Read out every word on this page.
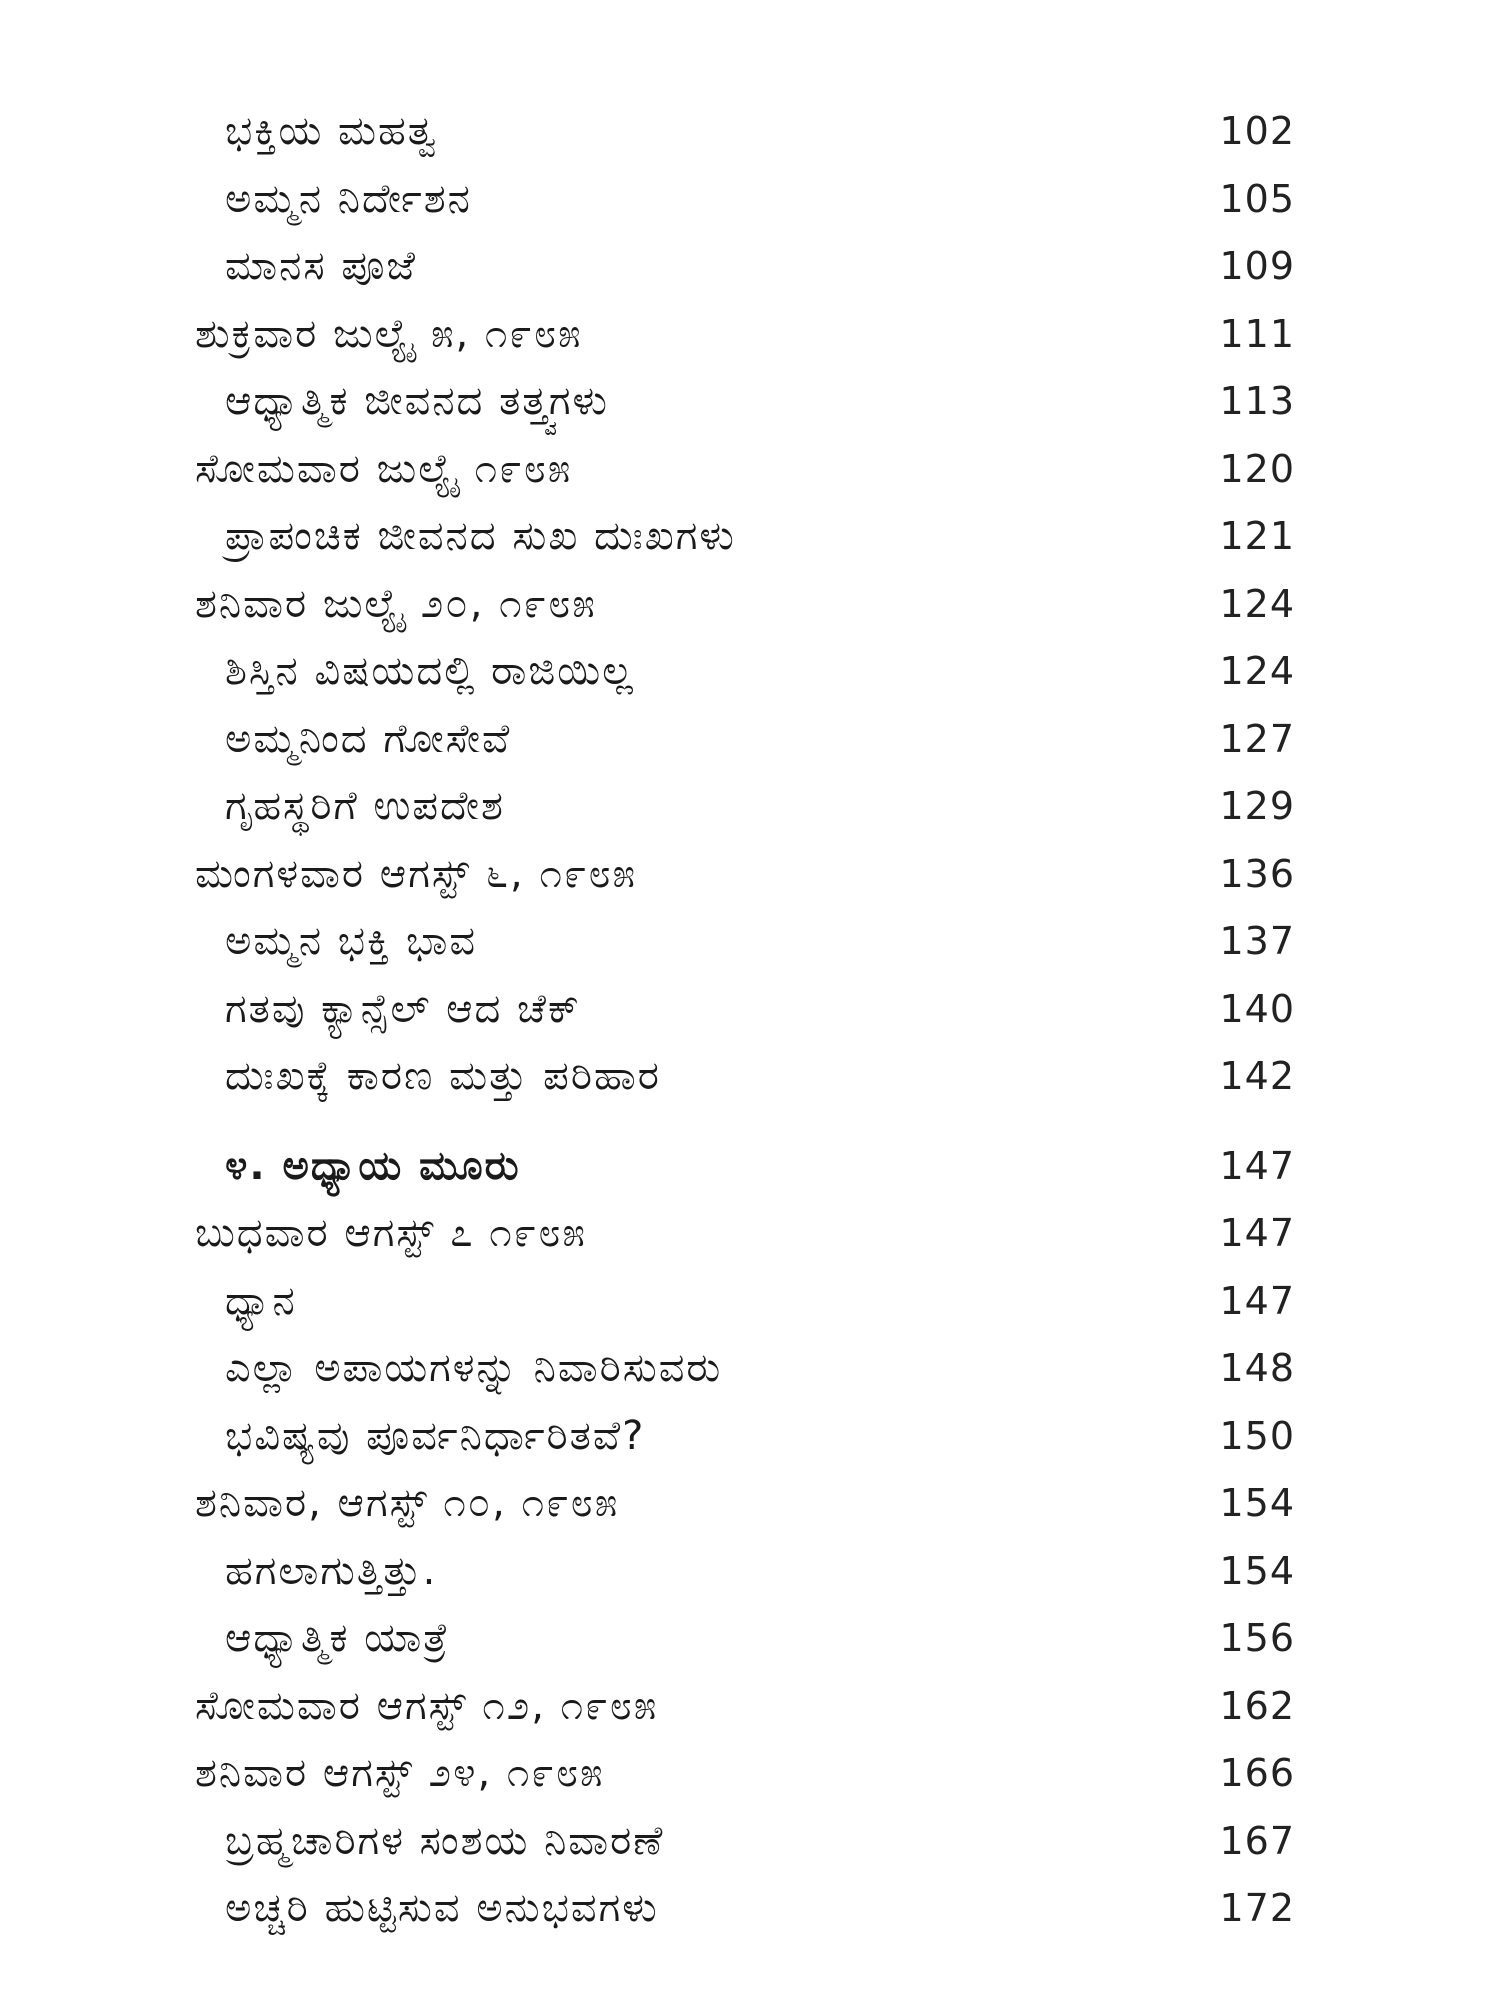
ಭಕ್ತಿಯ ಮಹತ್ವ	102
ಅಮ್ಮನ ನಿರ್ದೇಶನ	105
ಮಾನಸ ಪೂಜೆ	109
ಶುಕ್ರವಾರ ಜುಲ್ಯೈ ೫, ೧೯೮೫	111
ಆಧ್ಯಾತ್ಮಿಕ ಜೀವನದ ತತ್ತ್ವಗಳು	113
ಸೋಮವಾರ ಜುಲ್ಯೈ ೧೯೮೫	120
ಪ್ರಾಪಂಚಿಕ ಜೀವನದ ಸುಖ ದುಃಖಗಳು	121
ಶನಿವಾರ ಜುಲ್ಯೈ ೨೦, ೧೯೮೫	124
ಶಿಸ್ತಿನ ವಿಷಯದಲ್ಲಿ ರಾಜಿಯಿಲ್ಲ	124
ಅಮ್ಮನಿಂದ ಗೋಸೇವೆ	127
ಗೃಹಸ್ಥರಿಗೆ ಉಪದೇಶ	129
ಮಂಗಳವಾರ ಆಗಸ್ಟ್ ೬, ೧೯೮೫	136
ಅಮ್ಮನ ಭಕ್ತಿ ಭಾವ	137
ಗತವು ಕ್ಯಾನ್ಸೆಲ್ ಆದ ಚೆಕ್	140
ದುಃಖಕ್ಕೆ ಕಾರಣ ಮತ್ತು ಪರಿಹಾರ	142
೪. ಅಧ್ಯಾಯ ಮೂರು	147
ಬುಧವಾರ ಆಗಸ್ಟ್ ೭ ೧೯೮೫	147
ಧ್ಯಾನ	147
ಎಲ್ಲಾ ಅಪಾಯಗಳನ್ನು ನಿವಾರಿಸುವರು	148
ಭವಿಷ್ಯವು ಪೂರ್ವನಿರ್ಧಾರಿತವೆ?	150
ಶನಿವಾರ, ಆಗಸ್ಟ್ ೧೦, ೧೯೮೫	154
ಹಗಲಾಗುತ್ತಿತ್ತು.	154
ಆಧ್ಯಾತ್ಮಿಕ ಯಾತ್ರೆ	156
ಸೋಮವಾರ ಆಗಸ್ಟ್ ೧೨, ೧೯೮೫	162
ಶನಿವಾರ ಆಗಸ್ಟ್ ೨೪, ೧೯೮೫	166
ಬ್ರಹ್ಮಚಾರಿಗಳ ಸಂಶಯ ನಿವಾರಣೆ	167
ಅಚ್ಚರಿ ಹುಟ್ಟಿಸುವ ಅನುಭವಗಳು	172
